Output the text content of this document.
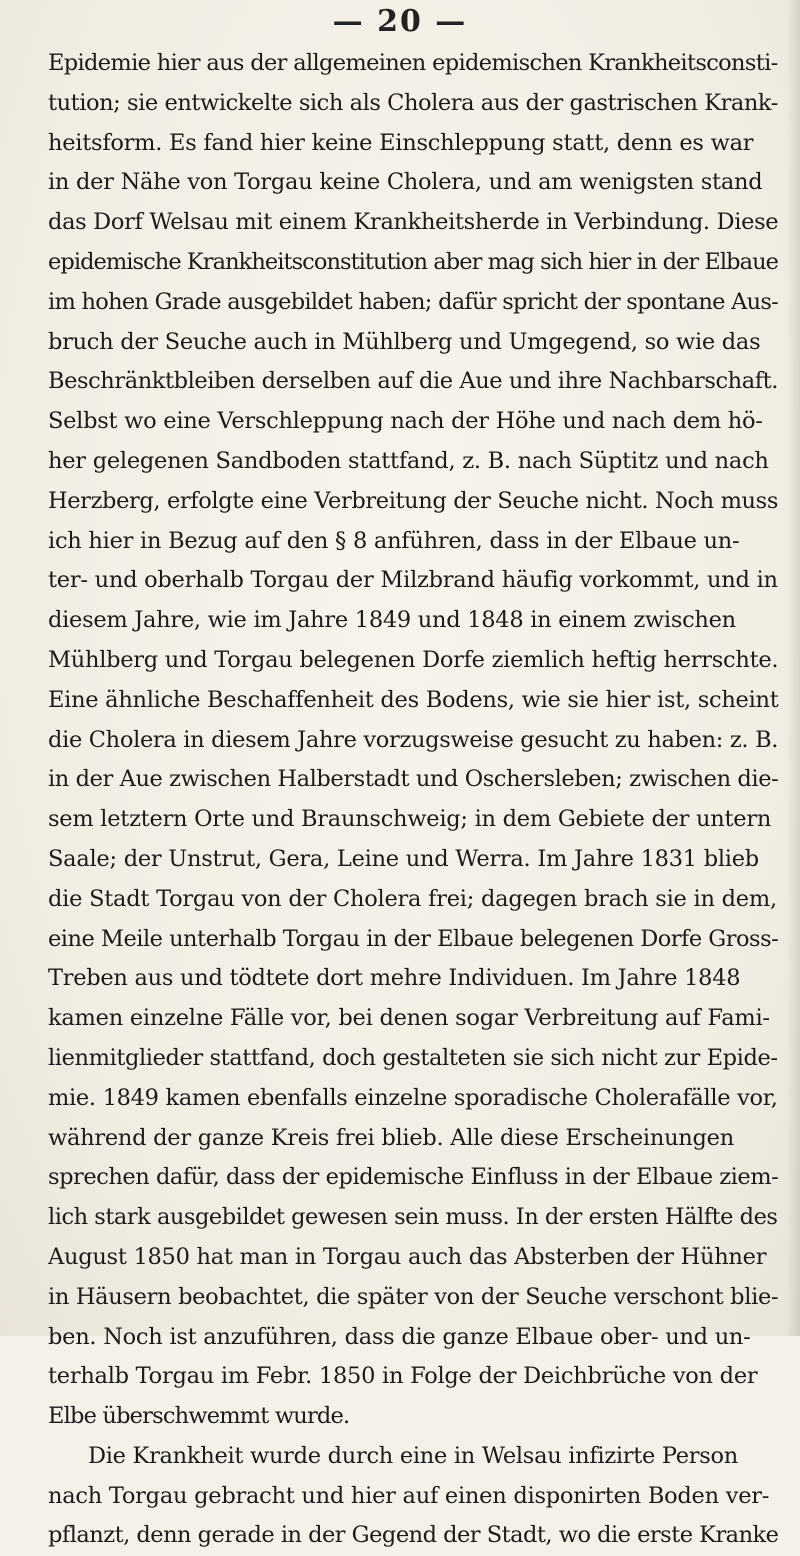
— 20 —
Epidemie hier aus der allgemeinen epidemischen Krankheitsconsti-
tution; sie entwickelte sich als Cholera aus der gastrischen Krank-
heitsform. Es fand hier keine Einschleppung statt, denn es war
in der Nähe von Torgau keine Cholera, und am wenigsten stand
das Dorf Welsau mit einem Krankheitsherde in Verbindung. Diese
epidemische Krankheitsconstitution aber mag sich hier in der Elbaue
im hohen Grade ausgebildet haben; dafür spricht der spontane Aus-
bruch der Seuche auch in Mühlberg und Umgegend, so wie das
Beschränktbleiben derselben auf die Aue und ihre Nachbarschaft.
Selbst wo eine Verschleppung nach der Höhe und nach dem hö-
her gelegenen Sandboden stattfand, z. B. nach Süptitz und nach
Herzberg, erfolgte eine Verbreitung der Seuche nicht. Noch muss
ich hier in Bezug auf den § 8 anführen, dass in der Elbaue un-
ter- und oberhalb Torgau der Milzbrand häufig vorkommt, und in
diesem Jahre, wie im Jahre 1849 und 1848 in einem zwischen
Mühlberg und Torgau belegenen Dorfe ziemlich heftig herrschte.
Eine ähnliche Beschaffenheit des Bodens, wie sie hier ist, scheint
die Cholera in diesem Jahre vorzugsweise gesucht zu haben: z. B.
in der Aue zwischen Halberstadt und Oschersleben; zwischen die-
sem letztern Orte und Braunschweig; in dem Gebiete der untern
Saale; der Unstrut, Gera, Leine und Werra. Im Jahre 1831 blieb
die Stadt Torgau von der Cholera frei; dagegen brach sie in dem,
eine Meile unterhalb Torgau in der Elbaue belegenen Dorfe Gross-
Treben aus und tödtete dort mehre Individuen. Im Jahre 1848
kamen einzelne Fälle vor, bei denen sogar Verbreitung auf Fami-
lienmitglieder stattfand, doch gestalteten sie sich nicht zur Epide-
mie. 1849 kamen ebenfalls einzelne sporadische Cholerafälle vor,
während der ganze Kreis frei blieb. Alle diese Erscheinungen
sprechen dafür, dass der epidemische Einfluss in der Elbaue ziem-
lich stark ausgebildet gewesen sein muss. In der ersten Hälfte des
August 1850 hat man in Torgau auch das Absterben der Hühner
in Häusern beobachtet, die später von der Seuche verschont blie-
ben. Noch ist anzuführen, dass die ganze Elbaue ober- und un-
terhalb Torgau im Febr. 1850 in Folge der Deichbrüche von der
Elbe überschwemmt wurde.
Die Krankheit wurde durch eine in Welsau infizirte Person
nach Torgau gebracht und hier auf einen disponirten Boden ver-
pflanzt, denn gerade in der Gegend der Stadt, wo die erste Kranke
